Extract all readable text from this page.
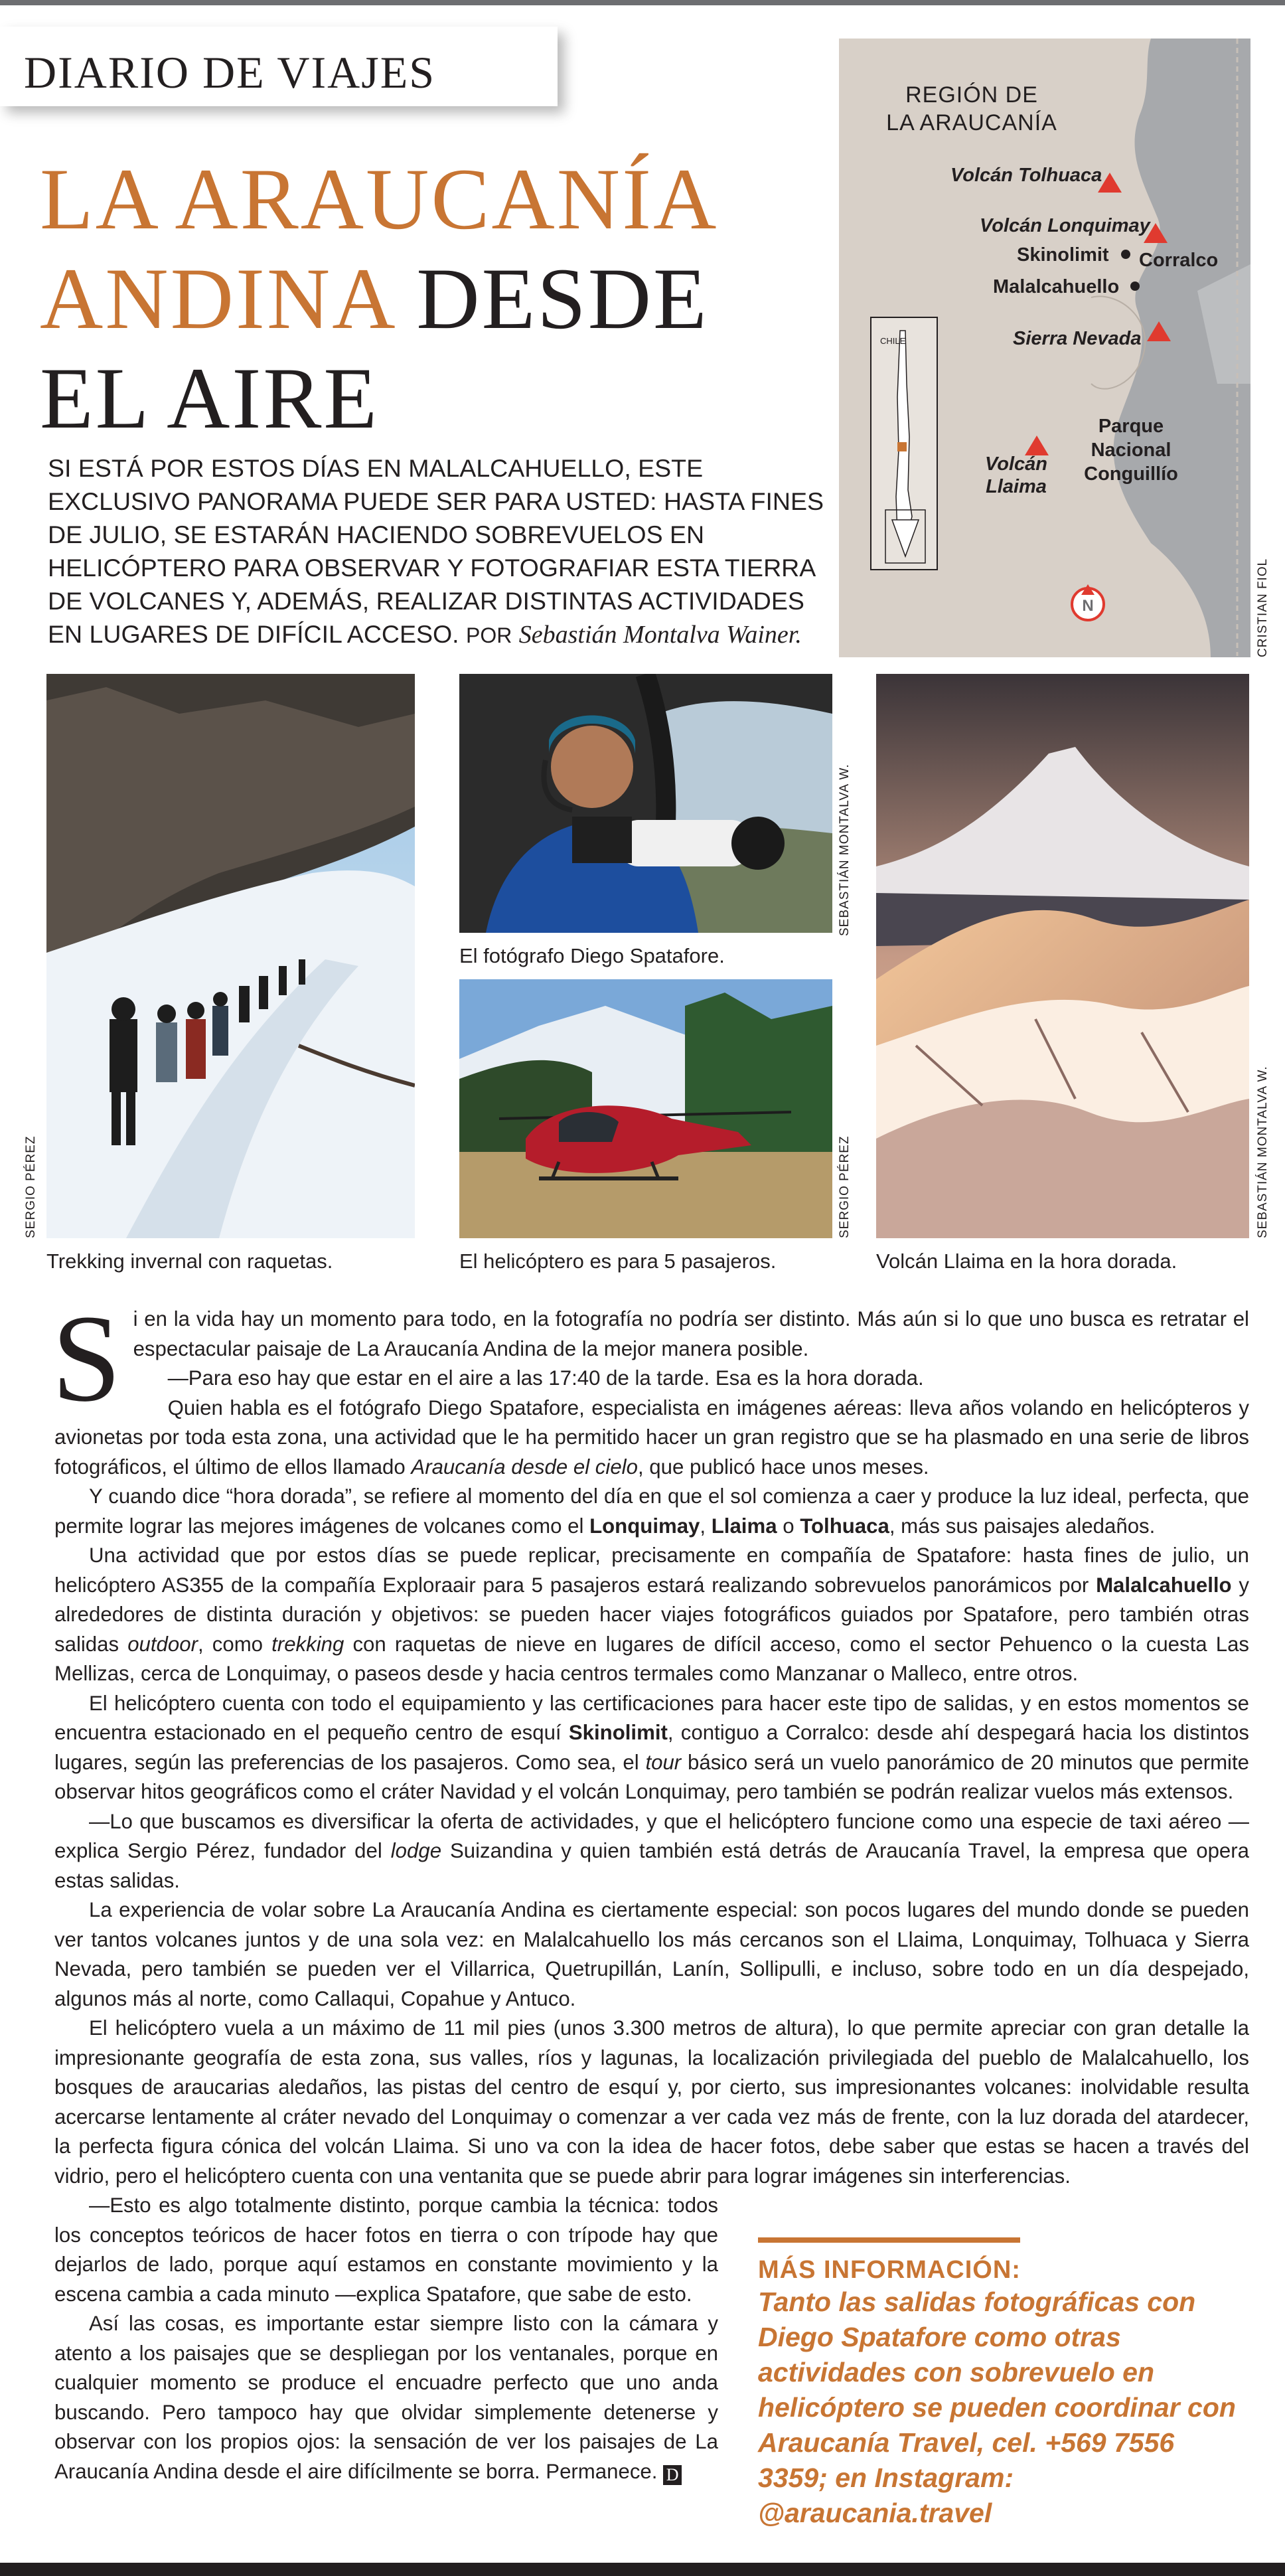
DIARIO DE VIAJES
LA ARAUCANÍA
ANDINA DESDE
EL AIRE
SI ESTÁ POR ESTOS DÍAS EN MALALCAHUELLO, ESTE EXCLUSIVO PANORAMA PUEDE SER PARA USTED: HASTA FINES DE JULIO, SE ESTARÁN HACIENDO SOBREVUELOS EN HELICÓPTERO PARA OBSERVAR Y FOTOGRAFIAR ESTA TIERRA DE VOLCANES Y, ADEMÁS, REALIZAR DISTINTAS ACTIVIDADES EN LUGARES DE DIFÍCIL ACCESO. POR Sebastián Montalva Wainer.
N
CHILE
REGIÓN DE
LA ARAUCANÍA
Volcán Tolhuaca
Volcán Lonquimay
Skinolimit Corralco
Malalcahuello
Sierra Nevada
Volcán
Llaima
Parque
Nacional
Conguillío
CRISTIAN FIOL
SERGIO PÉREZ
Trekking invernal con raquetas.
El fotógrafo Diego Spatafore.
SEBASTIÁN MONTALVA W.
El helicóptero es para 5 pasajeros.
SERGIO PÉREZ
Volcán Llaima en la hora dorada.
SEBASTIÁN MONTALVA W.

Si en la vida hay un momento para todo, en la fotografía no podría ser distinto. Más aún si lo que uno busca es retratar el espectacular paisaje de La Araucanía Andina de la mejor manera posible.

—Para eso hay que estar en el aire a las 17:40 de la tarde. Esa es la hora dorada.

Quien habla es el fotógrafo Diego Spatafore, especialista en imágenes aéreas: lleva años volando en helicópteros y avionetas por toda esta zona, una actividad que le ha permitido hacer un gran registro que se ha plasmado en una serie de libros fotográficos, el último de ellos llamado Araucanía desde el cielo, que publicó hace unos meses.

Y cuando dice “hora dorada”, se refiere al momento del día en que el sol comienza a caer y produce la luz ideal, perfecta, que permite lograr las mejores imágenes de volcanes como el Lonquimay, Llaima o Tolhuaca, más sus paisajes aledaños.

Una actividad que por estos días se puede replicar, precisamente en compañía de Spatafore: hasta fines de julio, un helicóptero AS355 de la compañía Exploraair para 5 pasajeros estará realizando sobrevuelos panorámicos por Malalcahuello y alrededores de distinta duración y objetivos: se pueden hacer viajes fotográficos guiados por Spatafore, pero también otras salidas outdoor, como trekking con raquetas de nieve en lugares de difícil acceso, como el sector Pehuenco o la cuesta Las Mellizas, cerca de Lonquimay, o paseos desde y hacia centros termales como Manzanar o Malleco, entre otros.

El helicóptero cuenta con todo el equipamiento y las certificaciones para hacer este tipo de salidas, y en estos momentos se encuentra estacionado en el pequeño centro de esquí Skinolimit, contiguo a Corralco: desde ahí despegará hacia los distintos lugares, según las preferencias de los pasajeros. Como sea, el tour básico será un vuelo panorámico de 20 minutos que permite observar hitos geográficos como el cráter Navidad y el volcán Lonquimay, pero también se podrán realizar vuelos más extensos.

—Lo que buscamos es diversificar la oferta de actividades, y que el helicóptero funcione como una especie de taxi aéreo —explica Sergio Pérez, fundador del lodge Suizandina y quien también está detrás de Araucanía Travel, la empresa que opera estas salidas.

La experiencia de volar sobre La Araucanía Andina es ciertamente especial: son pocos lugares del mundo donde se pueden ver tantos volcanes juntos y de una sola vez: en Malalcahuello los más cercanos son el Llaima, Lonquimay, Tolhuaca y Sierra Nevada, pero también se pueden ver el Villarrica, Quetrupillán, Lanín, Sollipulli, e incluso, sobre todo en un día despejado, algunos más al norte, como Callaqui, Copahue y Antuco.

El helicóptero vuela a un máximo de 11 mil pies (unos 3.300 metros de altura), lo que permite apreciar con gran detalle la impresionante geografía de esta zona, sus valles, ríos y lagunas, la localización privilegiada del pueblo de Malalcahuello, los bosques de araucarias aledaños, las pistas del centro de esquí y, por cierto, sus impresionantes volcanes: inolvidable resulta acercarse lentamente al cráter nevado del Lonquimay o comenzar a ver cada vez más de frente, con la luz dorada del atardecer, la perfecta figura cónica del volcán Llaima. Si uno va con la idea de hacer fotos, debe saber que estas se hacen a través del vidrio, pero el helicóptero cuenta con una ventanita que se puede abrir para lograr imágenes sin interferencias.

—Esto es algo totalmente distinto, porque cambia la técnica: todos los conceptos teóricos de hacer fotos en tierra o con trípode hay que dejarlos de lado, porque aquí estamos en constante movimiento y la escena cambia a cada minuto —explica Spatafore, que sabe de esto.

Así las cosas, es importante estar siempre listo con la cámara y atento a los paisajes que se despliegan por los ventanales, porque en cualquier momento se produce el encuadre perfecto que uno anda buscando. Pero tampoco hay que olvidar simplemente detenerse y observar con los propios ojos: la sensación de ver los paisajes de La Araucanía Andina desde el aire difícilmente se borra. Permanece. D

MÁS INFORMACIÓN:
Tanto las salidas fotográficas con Diego Spatafore como otras actividades con sobrevuelo en helicóptero se pueden coordinar con Araucanía Travel, cel. +569 7556 3359; en Instagram: @araucania.travel
